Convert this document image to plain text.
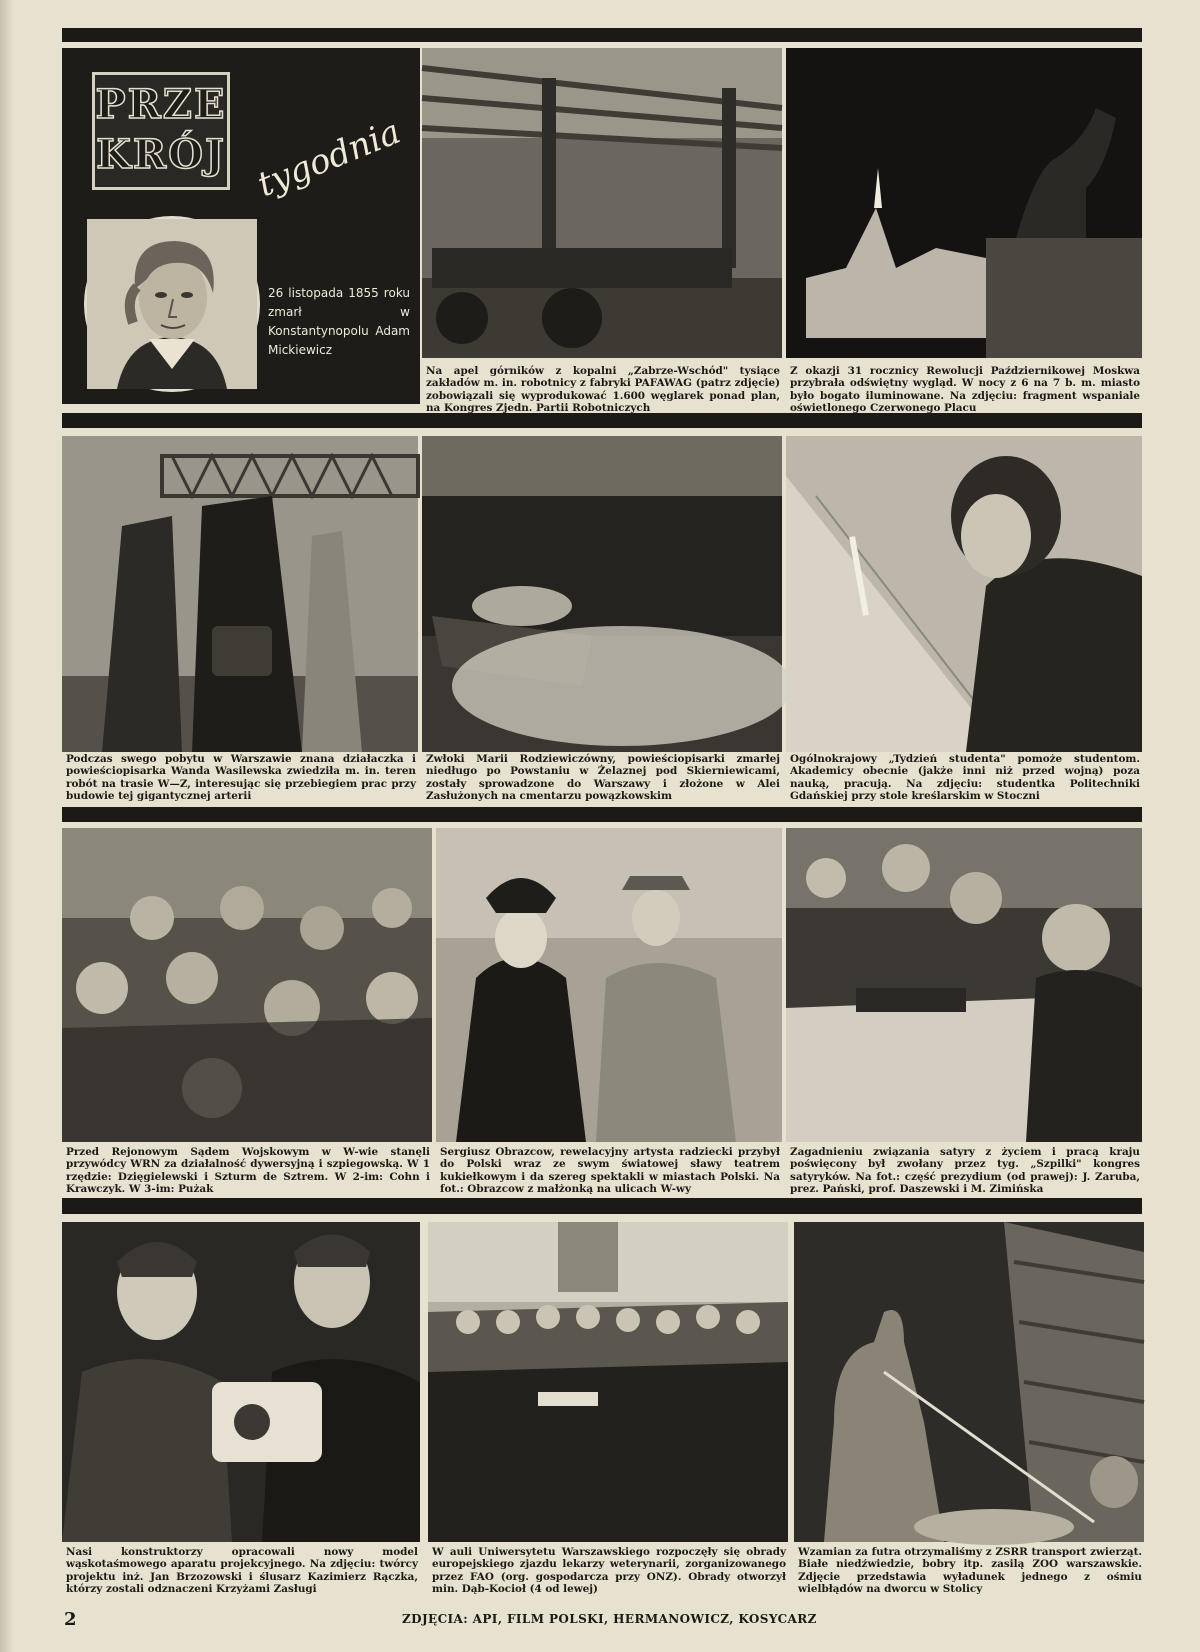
PRZE
KRÓJ tygodnia
26 listopada 1855 roku zmarł w Konstantynopolu Adam Mickiewicz
Na apel górników z kopalni „Zabrze-Wschód" tysiące zakładów m. in. robotnicy z fabryki PAFAWAG (patrz zdjęcie) zobowiązali się wyprodukować 1.600 węglarek ponad plan, na Kongres Zjedn. Partii Robotniczych
Z okazji 31 rocznicy Rewolucji Październikowej Moskwa przybrała odświętny wygląd. W nocy z 6 na 7 b. m. miasto było bogato iluminowane. Na zdjęciu: fragment wspaniale oświetlonego Czerwonego Placu
Podczas swego pobytu w Warszawie znana działaczka i powieściopisarka Wanda Wasilewska zwiedziła m. in. teren robót na trasie W—Z, interesując się przebiegiem prac przy budowie tej gigantycznej arterii
Zwłoki Marii Rodziewiczówny, powieściopisarki zmarłej niedługo po Powstaniu w Żelaznej pod Skierniewicami, zostały sprowadzone do Warszawy i złożone w Alei Zasłużonych na cmentarzu powązkowskim
Ogólnokrajowy „Tydzień studenta" pomoże studentom. Akademicy obecnie (jakże inni niż przed wojną) poza nauką, pracują. Na zdjęciu: studentka Politechniki Gdańskiej przy stole kreślarskim w Stoczni
Przed Rejonowym Sądem Wojskowym w W-wie stanęli przywódcy WRN za działalność dywersyjną i szpiegowską. W 1 rzędzie: Dzięgielewski i Szturm de Sztrem. W 2-im: Cohn i Krawczyk. W 3-im: Pużak
Sergiusz Obrazcow, rewelacyjny artysta radziecki przybył do Polski wraz ze swym światowej sławy teatrem kukiełkowym i da szereg spektakli w miastach Polski. Na fot.: Obrazcow z małżonką na ulicach W-wy
Zagadnieniu związania satyry z życiem i pracą kraju poświęcony był zwołany przez tyg. „Szpilki" kongres satyryków. Na fot.: część prezydium (od prawej): J. Zaruba, prez. Pański, prof. Daszewski i M. Zimińska
Nasi konstruktorzy opracowali nowy model wąskotaśmowego aparatu projekcyjnego. Na zdjęciu: twórcy projektu inż. Jan Brzozowski i ślusarz Kazimierz Rączka, którzy zostali odznaczeni Krzyżami Zasługi
W auli Uniwersytetu Warszawskiego rozpoczęły się obrady europejskiego zjazdu lekarzy weterynarii, zorganizowanego przez FAO (org. gospodarcza przy ONZ). Obrady otworzył min. Dąb-Kocioł (4 od lewej)
Wzamian za futra otrzymaliśmy z ZSRR transport zwierząt. Białe niedźwiedzie, bobry itp. zasilą ZOO warszawskie. Zdjęcie przedstawia wyładunek jednego z ośmiu wielbłądów na dworcu w Stolicy
2	ZDJĘCIA: API, FILM POLSKI, HERMANOWICZ, KOSYCARZ
